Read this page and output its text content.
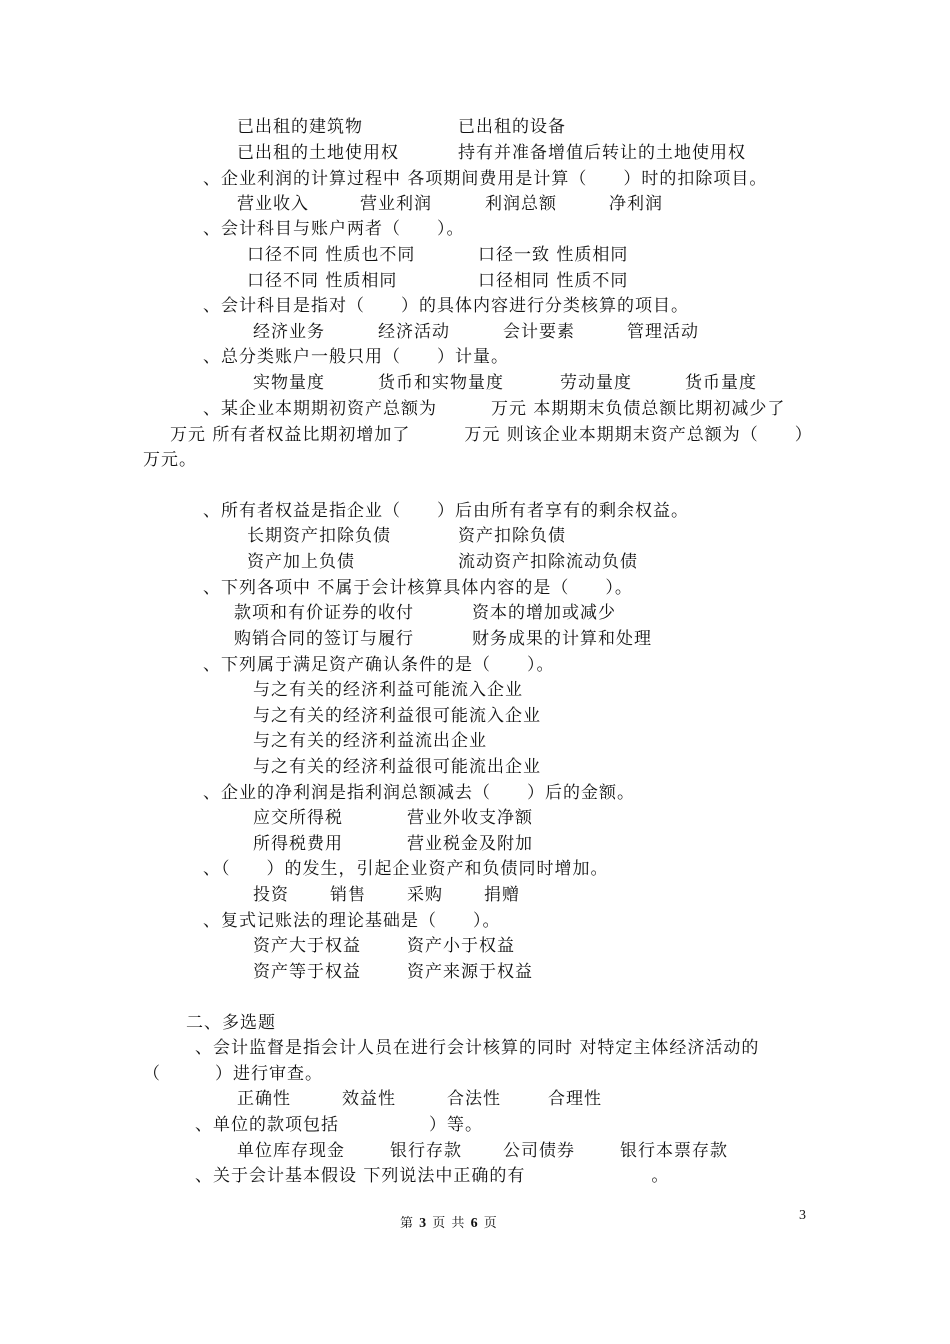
已出租的建筑物	已出租的设备
已出租的土地使用权	持有并准备增值后转让的土地使用权
、企业利润的计算过程中 各项期间费用是计算（　　）时的扣除项目。
营业收入	营业利润	利润总额	净利润
、会计科目与账户两者（　　）。
口径不同 性质也不同	口径一致 性质相同
口径不同 性质相同	口径相同 性质不同
、会计科目是指对（　　）的具体内容进行分类核算的项目。
经济业务	经济活动	会计要素	管理活动
、总分类账户一般只用（　　）计量。
实物量度	货币和实物量度	劳动量度	货币量度
、某企业本期期初资产总额为　　　万元 本期期末负债总额比期初减少了
万元 所有者权益比期初增加了　　　万元 则该企业本期期末资产总额为（　　）
万元。
、所有者权益是指企业（　　）后由所有者享有的剩余权益。
长期资产扣除负债	资产扣除负债
资产加上负债	流动资产扣除流动负债
、下列各项中 不属于会计核算具体内容的是（　　）。
款项和有价证券的收付	资本的增加或减少
购销合同的签订与履行	财务成果的计算和处理
、下列属于满足资产确认条件的是（　　）。
与之有关的经济利益可能流入企业
与之有关的经济利益很可能流入企业
与之有关的经济利益流出企业
与之有关的经济利益很可能流出企业
、企业的净利润是指利润总额减去（　　）后的金额。
应交所得税	营业外收支净额
所得税费用	营业税金及附加
、（　　）的发生，引起企业资产和负债同时增加。
投资 销售 采购 捐赠
、复式记账法的理论基础是（　　）。
资产大于权益	资产小于权益
资产等于权益	资产来源于权益
二、多选题
、会计监督是指会计人员在进行会计核算的同时 对特定主体经济活动的
（　　　）进行审查。
正确性	效益性	合法性	合理性
、单位的款项包括　　　　　）等。
单位库存现金	银行存款 公司债券	银行本票存款
、关于会计基本假设 下列说法中正确的有　　　　　　　。
第 3 页 共 6 页
3
